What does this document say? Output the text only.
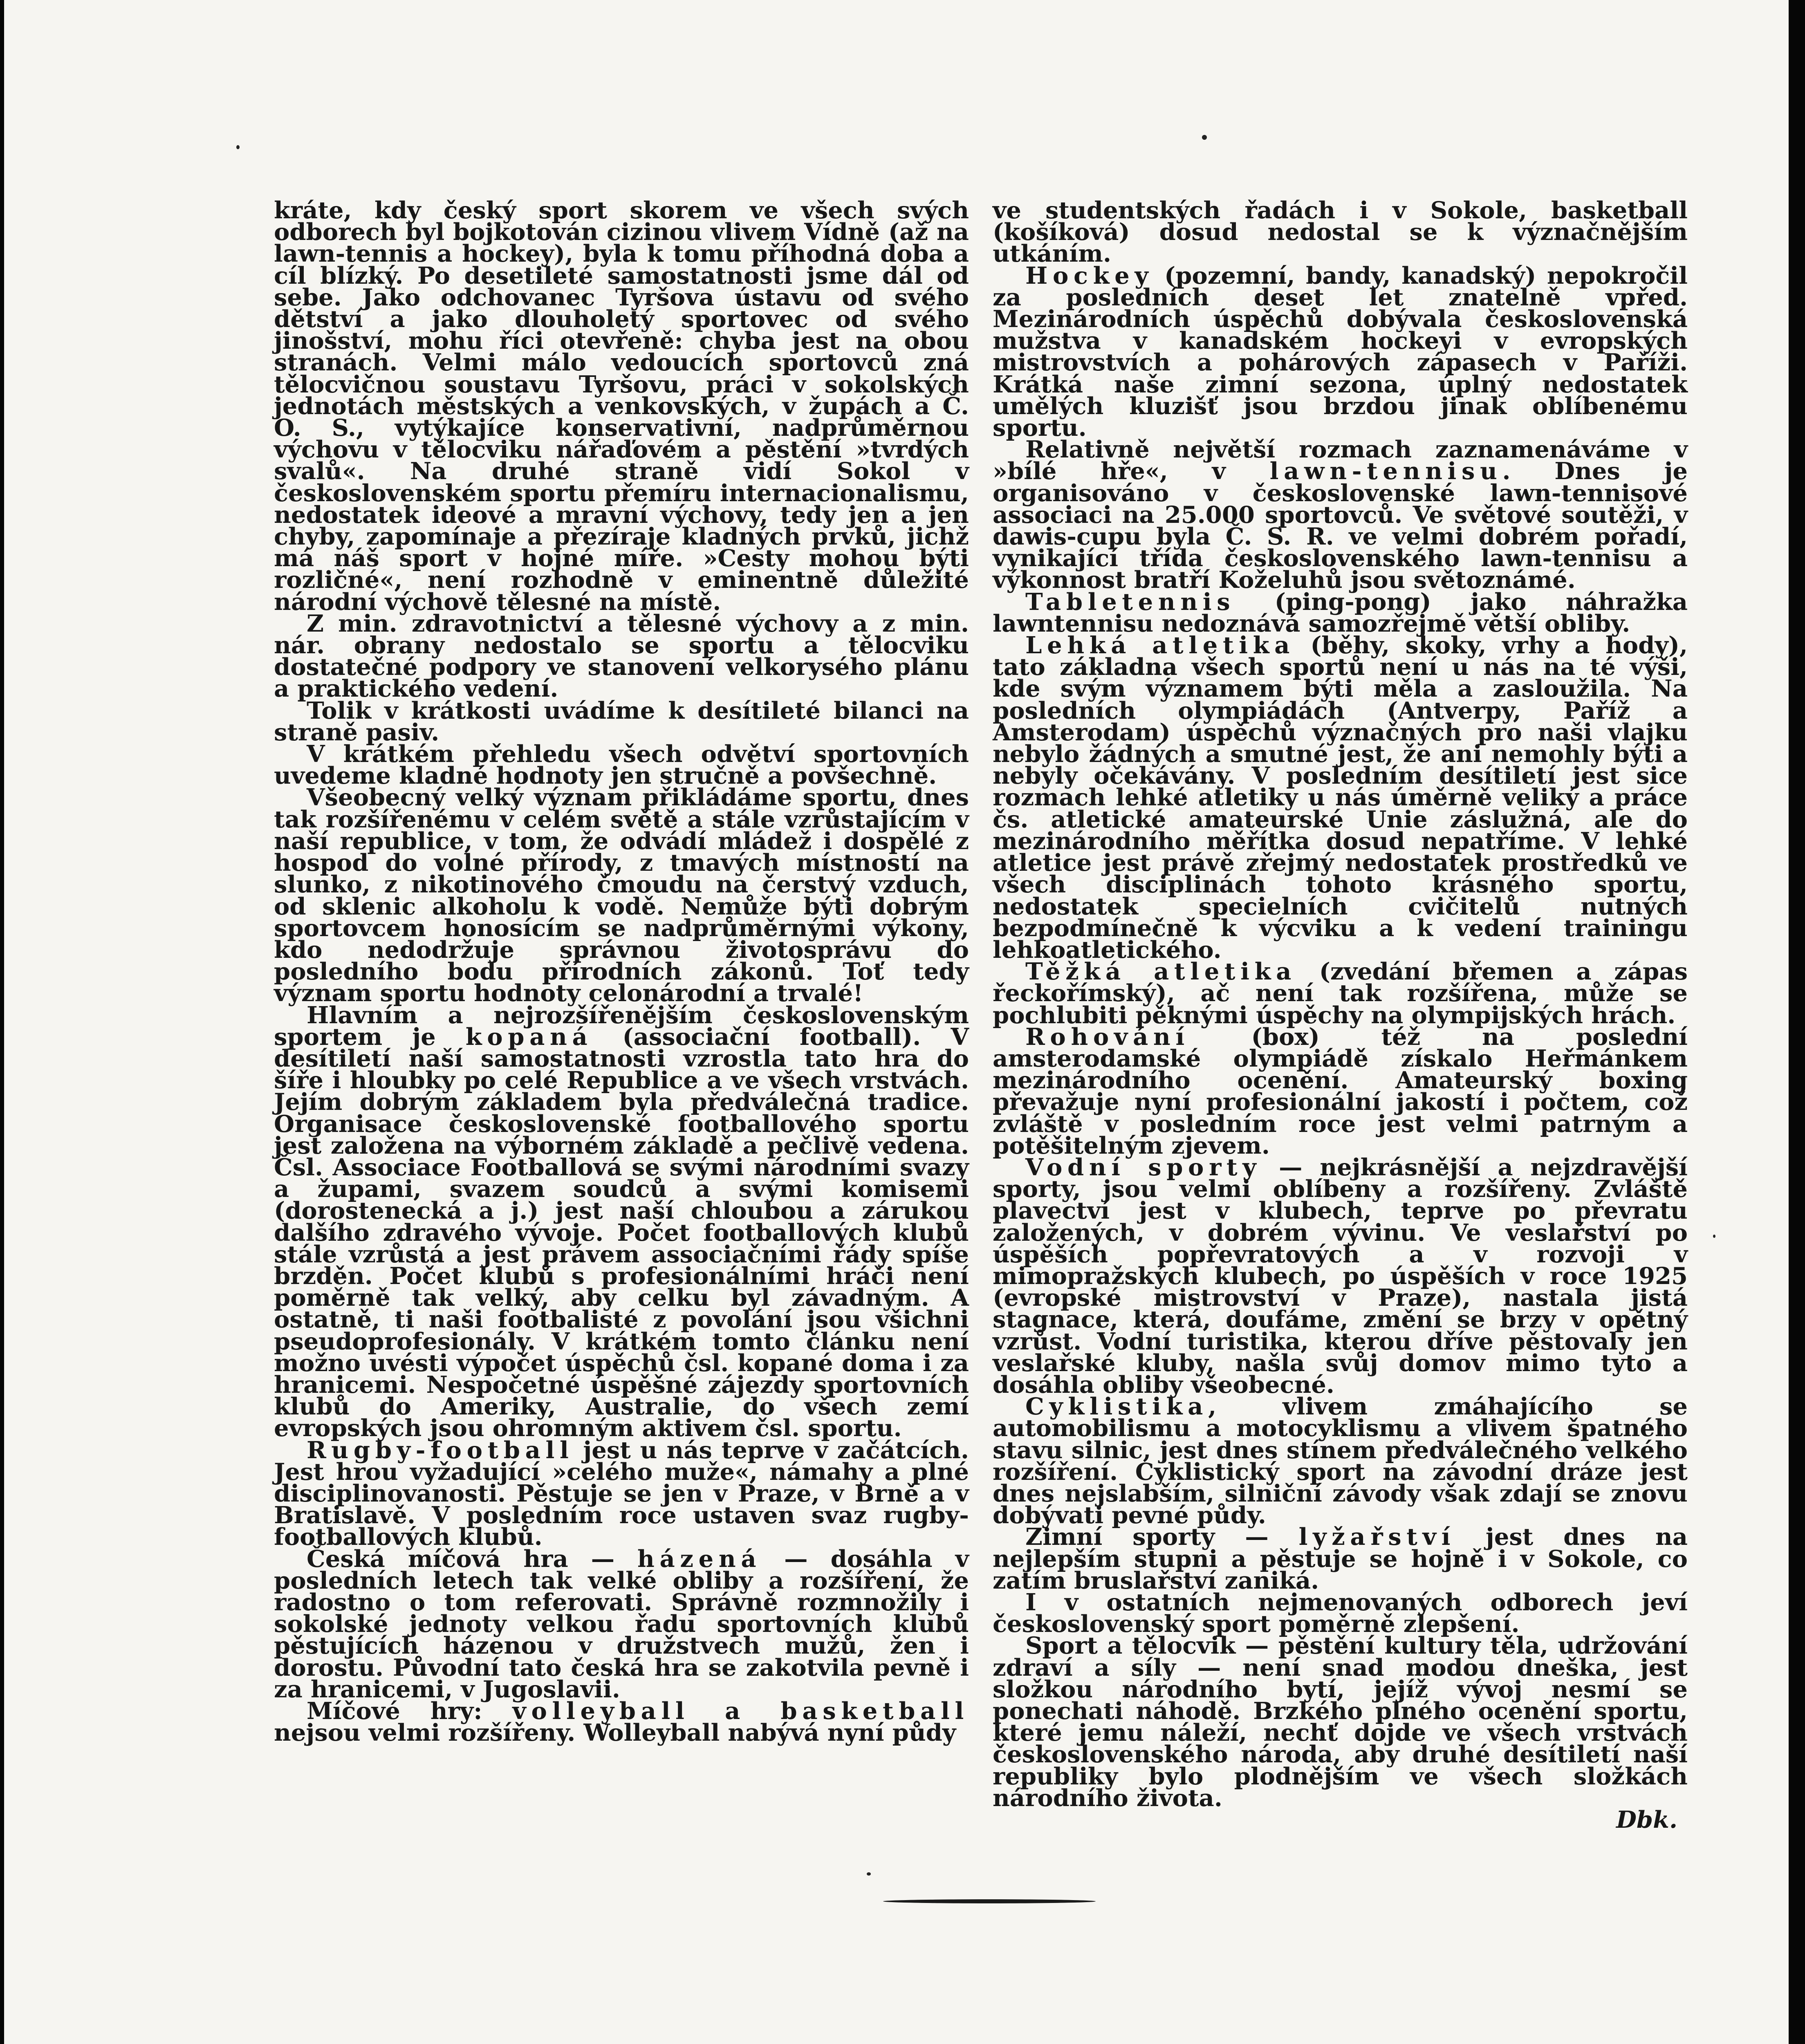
kráte, kdy český sport skorem ve všech svých odborech byl bojkotován cizinou vlivem Vídně (až na lawn-tennis a hockey), byla k tomu příhodná doba a cíl blízký. Po desetileté samostatnosti jsme dál od sebe. Jako odchovanec Tyršova ústavu od svého dětství a jako dlouholetý sportovec od svého jinošství, mohu říci otevřeně: chyba jest na obou stranách. Velmi málo vedoucích sportovců zná tělocvičnou soustavu Tyršovu, práci v sokolských jednotách městských a venkovských, v župách a Č. O. S., vytýkajíce konservativní, nadprůměrnou výchovu v tělocviku nářaďovém a pěstění »tvrdých svalů«. Na druhé straně vidí Sokol v československém sportu přemíru internacionalismu, nedostatek ideové a mravní výchovy, tedy jen a jen chyby, zapomínaje a přezíraje kladných prvků, jichž má náš sport v hojné míře. »Cesty mohou býti rozličné«, není rozhodně v eminentně důležité národní výchově tělesné na místě.

Z min. zdravotnictví a tělesné výchovy a z min. nár. obrany nedostalo se sportu a tělocviku dostatečné podpory ve stanovení velkorysého plánu a praktického vedení.

Tolik v krátkosti uvádíme k desítileté bilanci na straně pasiv.

V krátkém přehledu všech odvětví sportovních uvedeme kladné hodnoty jen stručně a povšechně.

Všeobecný velký význam přikládáme sportu, dnes tak rozšířenému v celém světě a stále vzrůstajícím v naší republice, v tom, že odvádí mládež i dospělé z hospod do volné přírody, z tmavých místností na slunko, z nikotinového čmoudu na čerstvý vzduch, od sklenic alkoholu k vodě. Nemůže býti dobrým sportovcem honosícím se nadprůměrnými výkony, kdo nedodržuje správnou životosprávu do posledního bodu přírodních zákonů. Toť tedy význam sportu hodnoty celonárodní a trvalé!

Hlavním a nejrozšířenějším československým sportem je kopaná (associační football). V desítiletí naší samostatnosti vzrostla tato hra do šíře i hloubky po celé Republice a ve všech vrstvách. Jejím dobrým základem byla předválečná tradice. Organisace československé footballového sportu jest založena na výborném základě a pečlivě vedena. Čsl. Associace Footballová se svými národními svazy a župami, svazem soudců a svými komisemi (dorostenecká a j.) jest naší chloubou a zárukou dalšího zdravého vývoje. Počet footballových klubů stále vzrůstá a jest právem associačními řády spíše brzděn. Počet klubů s profesionálními hráči není poměrně tak velký, aby celku byl závadným. A ostatně, ti naši footbalisté z povolání jsou všichni pseudoprofesionály. V krátkém tomto článku není možno uvésti výpočet úspěchů čsl. kopané doma i za hranicemi. Nespočetné úspěšné zájezdy sportovních klubů do Ameriky, Australie, do všech zemí evropských jsou ohromným aktivem čsl. sportu.

Rugby-football jest u nás teprve v začátcích. Jest hrou vyžadující »celého muže«, námahy a plné disciplinovanosti. Pěstuje se jen v Praze, v Brně a v Bratislavě. V posledním roce ustaven svaz rugby-footballových klubů.

Česká míčová hra — házená — dosáhla v posledních letech tak velké obliby a rozšíření, že radostno o tom referovati. Správně rozmnožily i sokolské jednoty velkou řadu sportovních klubů pěstujících házenou v družstvech mužů, žen i dorostu. Původní tato česká hra se zakotvila pevně i za hranicemi, v Jugoslavii.

Míčové hry: volleyball a basketball nejsou velmi rozšířeny. Wolleyball nabývá nyní půdy

ve studentských řadách i v Sokole, basketball (košíková) dosud nedostal se k význačnějším utkáním.

Hockey (pozemní, bandy, kanadský) nepokročil za posledních deset let znatelně vpřed. Mezinárodních úspěchů dobývala československá mužstva v kanadském hockeyi v evropských mistrovstvích a pohárových zápasech v Paříži. Krátká naše zimní sezona, úplný nedostatek umělých kluzišť jsou brzdou jinak oblíbenému sportu.

Relativně největší rozmach zaznamenáváme v »bílé hře«, v lawn-tennisu. Dnes je organisováno v československé lawn-tennisové associaci na 25.000 sportovců. Ve světové soutěži, v dawis-cupu byla Č. S. R. ve velmi dobrém pořadí, vynikající třída československého lawn-tennisu a výkonnost bratří Koželuhů jsou světoznámé.

Tabletennis (ping-pong) jako náhražka lawntennisu nedoznává samozřejmě větší obliby.

Lehká atletika (běhy, skoky, vrhy a hody), tato základna všech sportů není u nás na té výši, kde svým významem býti měla a zasloužila. Na posledních olympiádách (Antverpy, Paříž a Amsterodam) úspěchů význačných pro naši vlajku nebylo žádných a smutné jest, že ani nemohly býti a nebyly očekávány. V posledním desítiletí jest sice rozmach lehké atletiky u nás úměrně veliký a práce čs. atletické amateurské Unie záslužná, ale do mezinárodního měřítka dosud nepatříme. V lehké atletice jest právě zřejmý nedostatek prostředků ve všech disciplinách tohoto krásného sportu, nedostatek specielních cvičitelů nutných bezpodmínečně k výcviku a k vedení trainingu lehkoatletického.

Těžká atletika (zvedání břemen a zápas řeckořímský), ač není tak rozšířena, může se pochlubiti pěknými úspěchy na olympijských hrách.

Rohování (box) též na poslední amsterodamské olympiádě získalo Heřmánkem mezinárodního ocenění. Amateurský boxing převažuje nyní profesionální jakostí i počtem, což zvláště v posledním roce jest velmi patrným a potěšitelným zjevem.

Vodní sporty — nejkrásnější a nejzdravější sporty, jsou velmi oblíbeny a rozšířeny. Zvláště plavectví jest v klubech, teprve po převratu založených, v dobrém vývinu. Ve veslařství po úspěších popřevratových a v rozvoji v mimopražských klubech, po úspěších v roce 1925 (evropské mistrovství v Praze), nastala jistá stagnace, která, doufáme, změní se brzy v opětný vzrůst. Vodní turistika, kterou dříve pěstovaly jen veslařské kluby, našla svůj domov mimo tyto a dosáhla obliby všeobecné.

Cyklistika, vlivem zmáhajícího se automobilismu a motocyklismu a vlivem špatného stavu silnic, jest dnes stínem předválečného velkého rozšíření. Cyklistický sport na závodní dráze jest dnes nejslabším, silniční závody však zdají se znovu dobývati pevné půdy.

Zimní sporty — lyžařství jest dnes na nejlepším stupni a pěstuje se hojně i v Sokole, co zatím bruslařství zaniká.

I v ostatních nejmenovaných odborech jeví československý sport poměrně zlepšení.

Sport a tělocvik — pěstění kultury těla, udržování zdraví a síly — není snad modou dneška, jest složkou národního bytí, jejíž vývoj nesmí se ponechati náhodě. Brzkého plného ocenění sportu, které jemu náleží, nechť dojde ve všech vrstvách československého národa, aby druhé desítiletí naší republiky bylo plodnějším ve všech složkách národního života.

Dbk.
